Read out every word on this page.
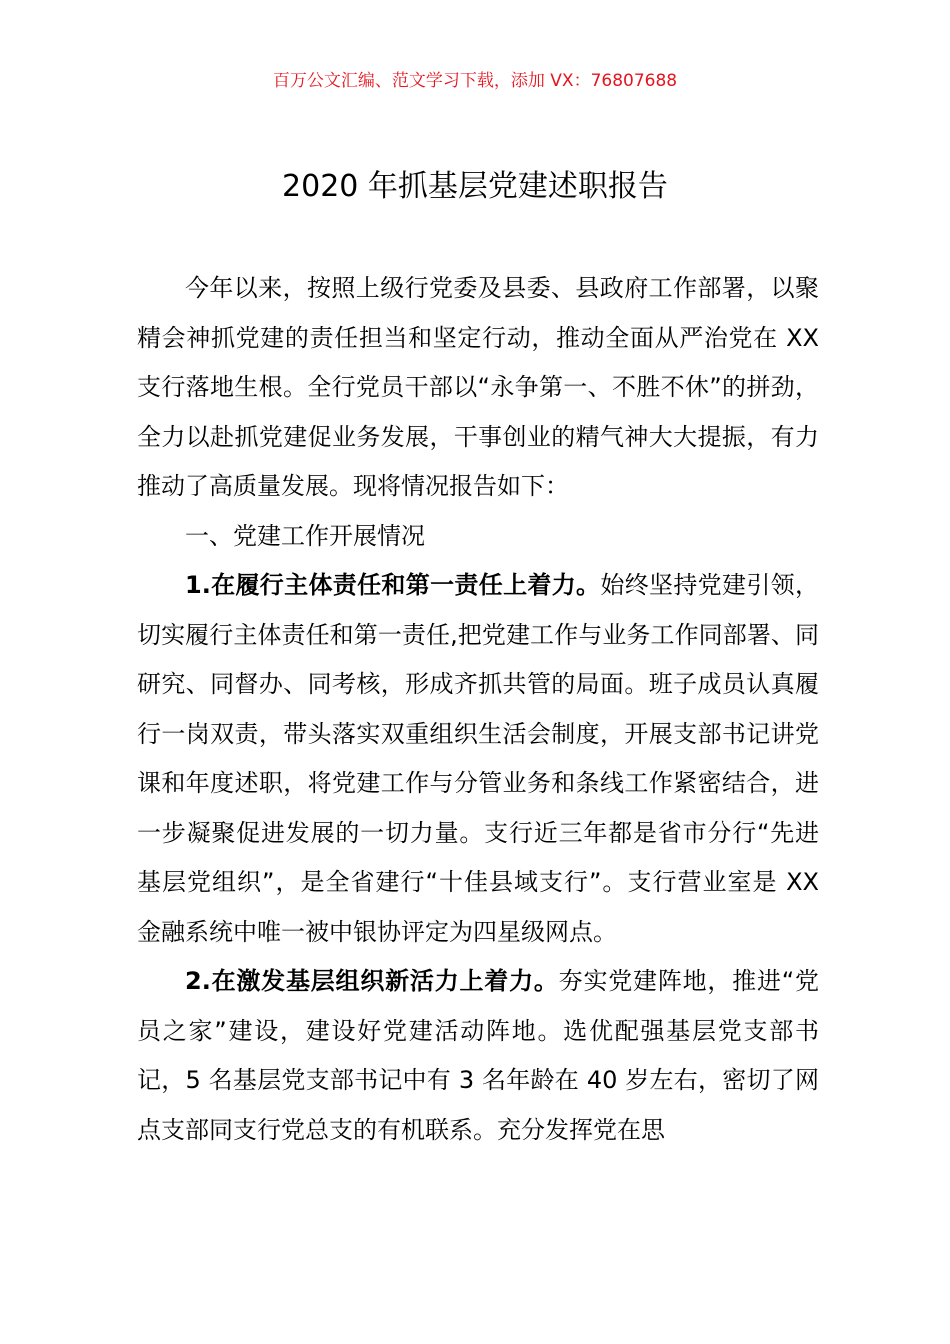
百万公文汇编、范文学习下载，添加 VX：76807688
2020 年抓基层党建述职报告

今年以来，按照上级行党委及县委、县政府工作部署，以聚精会神抓党建的责任担当和坚定行动，推动全面从严治党在 XX 支行落地生根。全行党员干部以“永争第一、不胜不休”的拼劲，全力以赴抓党建促业务发展，干事创业的精气神大大提振，有力推动了高质量发展。现将情况报告如下：

一、党建工作开展情况

1.在履行主体责任和第一责任上着力。始终坚持党建引领，切实履行主体责任和第一责任,把党建工作与业务工作同部署、同研究、同督办、同考核，形成齐抓共管的局面。班子成员认真履行一岗双责，带头落实双重组织生活会制度，开展支部书记讲党课和年度述职，将党建工作与分管业务和条线工作紧密结合，进一步凝聚促进发展的一切力量。支行近三年都是省市分行“先进基层党组织”，是全省建行“十佳县域支行”。支行营业室是 XX 金融系统中唯一被中银协评定为四星级网点。

2.在激发基层组织新活力上着力。夯实党建阵地，推进“党员之家”建设，建设好党建活动阵地。选优配强基层党支部书记，5 名基层党支部书记中有 3 名年龄在 40 岁左右，密切了网点支部同支行党总支的有机联系。充分发挥党在思
